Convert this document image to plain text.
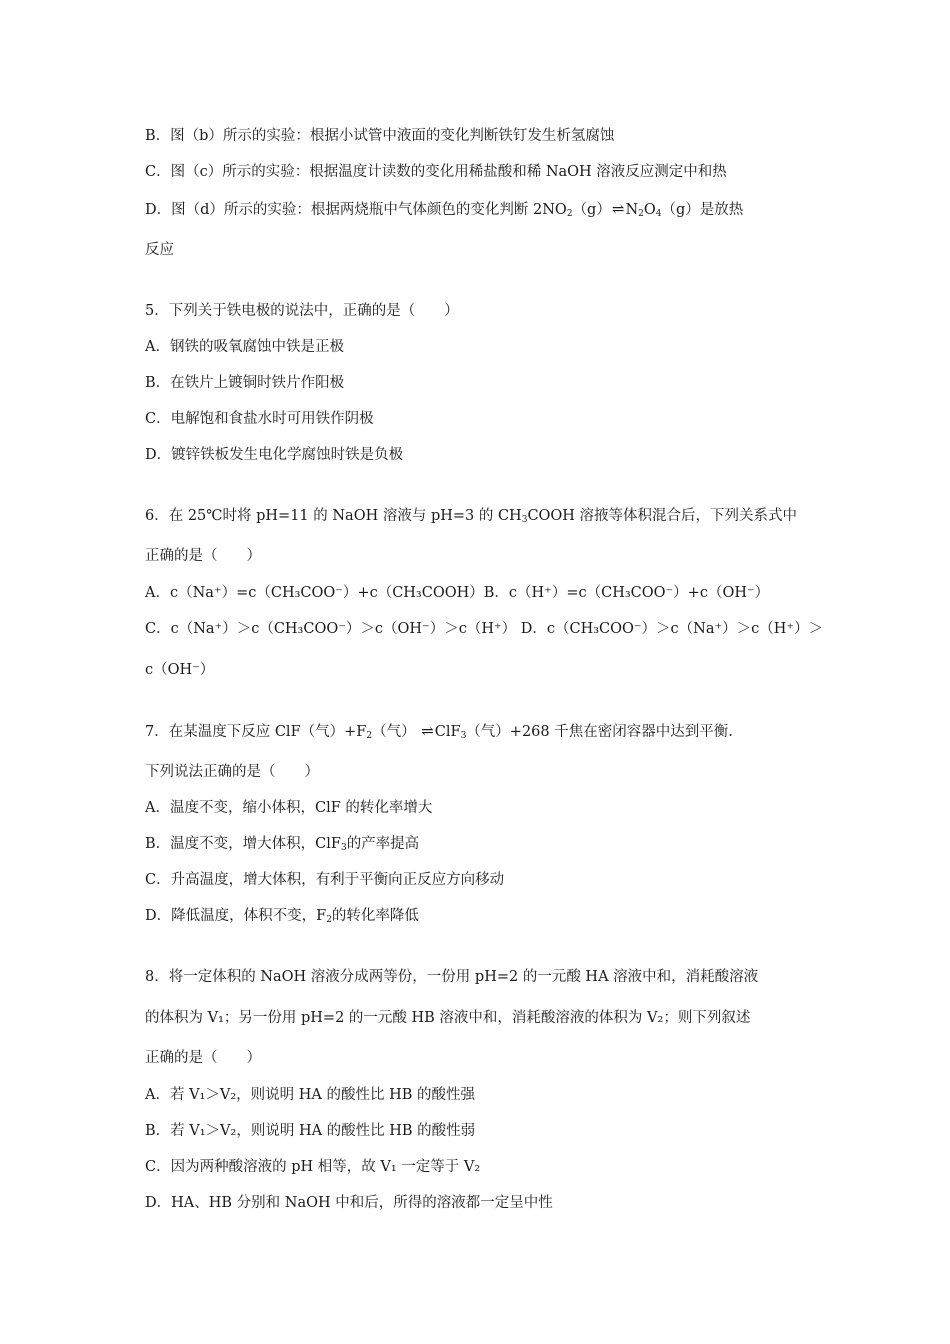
B．图（b）所示的实验：根据小试管中液面的变化判断铁钉发生析氢腐蚀
C．图（c）所示的实验：根据温度计读数的变化用稀盐酸和稀 NaOH 溶液反应测定中和热
D．图（d）所示的实验：根据两烧瓶中气体颜色的变化判断 $2NO_2(g)\rightleftharpoons N_2O_4(g)$是放热
反应
5．下列关于铁电极的说法中，正确的是（　　）
A．钢铁的吸氧腐蚀中铁是正极
B．在铁片上镀铜时铁片作阳极
C．电解饱和食盐水时可用铁作阴极
D．镀锌铁板发生电化学腐蚀时铁是负极
6．在 25℃时将 pH=11 的 NaOH 溶液与 pH=3 的 $CH_3COOH$ 溶掖等体积混合后，下列关系式中
正确的是（　　）
A．c（Na⁺）=c（CH₃COO⁻）+c（CH₃COOH）B．c（H⁺）=c（CH₃COO⁻）+c（OH⁻）
C．c（Na⁺）＞c（CH₃COO⁻）＞c（OH⁻）＞c（H⁺） D．c（CH₃COO⁻）＞c（Na⁺）＞c（H⁺）＞
c（OH⁻）
7．在某温度下反应 ClF（气）$+F_2$（气） ⇌ClF$_3$（气）+268 千焦在密闭容器中达到平衡.
下列说法正确的是（　　）
A．温度不变，缩小体积，ClF 的转化率增大
B．温度不变，增大体积，ClF$_3$的产率提高
C．升高温度，增大体积，有利于平衡向正反应方向移动
D．降低温度，体积不变，$F_2$的转化率降低
8．将一定体积的 NaOH 溶液分成两等份，一份用 pH=2 的一元酸 HA 溶液中和，消耗酸溶液
的体积为 V₁；另一份用 pH=2 的一元酸 HB 溶液中和，消耗酸溶液的体积为 V₂；则下列叙述
正确的是（　　）
A．若 V₁＞V₂，则说明 HA 的酸性比 HB 的酸性强
B．若 V₁＞V₂，则说明 HA 的酸性比 HB 的酸性弱
C．因为两种酸溶液的 pH 相等，故 V₁ 一定等于 V₂
D．HA、HB 分别和 NaOH 中和后，所得的溶液都一定呈中性
